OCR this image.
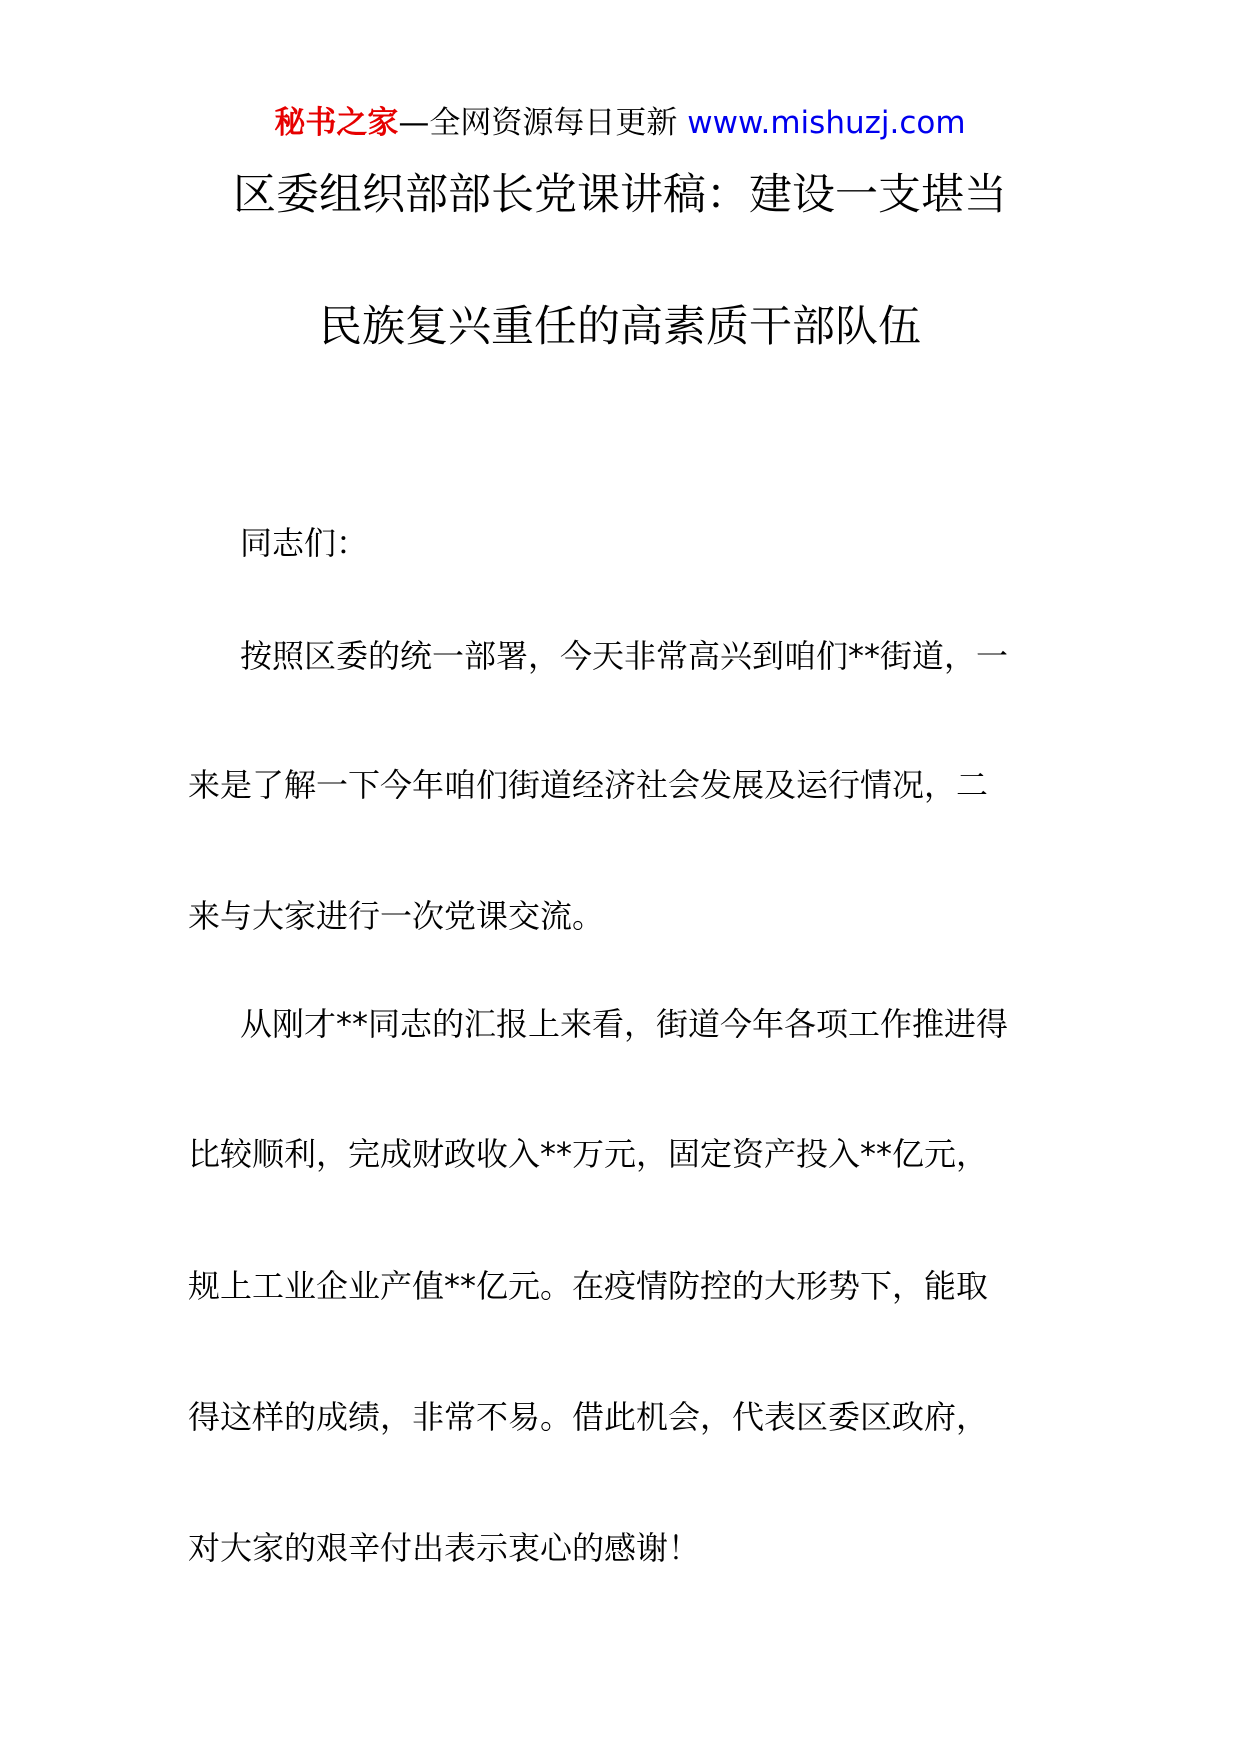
秘书之家—全网资源每日更新 www.mishuzj.com
区委组织部部长党课讲稿：建设一支堪当
民族复兴重任的高素质干部队伍
同志们：
按照区委的统一部署，今天非常高兴到咱们**街道，一
来是了解一下今年咱们街道经济社会发展及运行情况，二
来与大家进行一次党课交流。
从刚才**同志的汇报上来看，街道今年各项工作推进得
比较顺利，完成财政收入**万元，固定资产投入**亿元，
规上工业企业产值**亿元。在疫情防控的大形势下，能取
得这样的成绩，非常不易。借此机会，代表区委区政府，
对大家的艰辛付出表示衷心的感谢！
